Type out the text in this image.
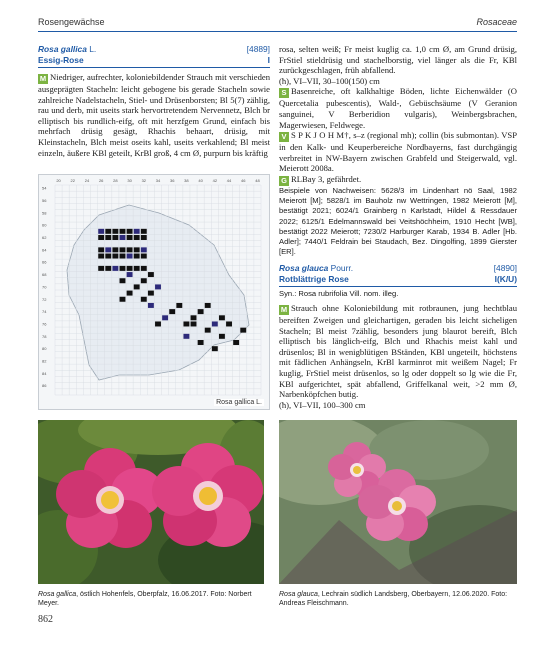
Rosengewächse	Rosaceae
Rosa gallica L.	[4889]
Essig-Rose	I

M Niedriger, aufrechter, koloniebildender Strauch mit verschieden ausgeprägten Stacheln: leicht gebogene bis gerade Stacheln sowie zahlreiche Nadelstacheln, Stiel- und Drüsenborsten; Bl 5(7) zählig, rau und derb, mit useits stark hervortretendem Nervennetz, Blch br elliptisch bis rundlich-eifg, oft mit herzfgem Grund, einfach bis mehrfach drüsig gesägt, Rhachis behaart, drüsig, mit Kleinstacheln, Blch meist oseits kahl, useits verkahlend; Bl meist einzeln, äußere KBl geteilt, KrBl groß, 4 cm Ø, purpurn bis kräftig

20 22 24 26 28 30 32 34 36 38 40 42 44 46 48
54
56
58
60
62
64
66
68
70
72
74
76
78
80
82
84
86
Rosa gallica L.

rosa, selten weiß; Fr meist kuglig ca. 1,0 cm Ø, am Grund drüsig, FrStiel stieldrüsig und stachelborstig, viel länger als die Fr, KBl zurückgeschlagen, früh abfallend.

(ħ), VI–VII, 30–100(150) cm

S Basenreiche, oft kalkhaltige Böden, lichte Eichenwälder (O Quercetalia pubescentis), Wald-, Gebüschsäume (V Geranion sanguinei, V Berberidion vulgaris), Weinbergsbrachen, Magerwiesen, Feldwege.

V S P K J O H M†, s–z (regional mh); collin (bis submontan). VSP in den Kalk- und Keuperbereiche Nordbayerns, fast durchgängig verbreitet in NW-Bayern zwischen Grabfeld und Steigerwald, vgl. Meierott 2008a.

G RLBay 3, gefährdet.

Beispiele von Nachweisen: 5628/3 im Lindenhart nö Saal, 1982 Meierott [M]; 5828/1 im Bauholz nw Wettringen, 1982 Meierott [M], bestätigt 2021; 6024/1 Grainberg n Karlstadt, Hildel & Ressdauer 2022; 6125/1 Edelmannswald bei Veitshöchheim, 1910 Hecht [WB], bestätigt 2022 Meierott; 7230/2 Harburger Karab, 1934 B. Adler [Hb. Adler]; 7440/1 Feldrain bei Staudach, Bez. Dingolfing, 1899 Gierster [ER].

Rosa glauca Pourr.	[4890]
Rotblättrige Rose	I(K/U)

Syn.: Rosa rubrifolia Vill. nom. illeg.

M Strauch ohne Koloniebildung mit rotbraunen, jung hechtblau bereiften Zweigen und gleichartigen, geraden bis leicht sicheligen Stacheln; Bl meist 7zählig, besonders jung blaurot bereift, Blch elliptisch bis länglich-eifg, Blch und Rhachis meist kahl und drüsenlos; Bl in wenigblütigen BStänden, KBl ungeteilt, höchstens mit fädlichen Anhängseln, KrBl karminrot mit weißem Nagel; Fr kuglig, FrStiel meist drüsenlos, so lg oder doppelt so lg wie die Fr, KBl aufgerichtet, spät abfallend, Griffelkanal weit, >2 mm Ø, Narbenköpfchen butig.

(ħ), VI–VII, 100–300 cm

Rosa gallica, östlich Hohenfels, Oberpfalz, 16.06.2017. Foto: Norbert Meyer.
Rosa glauca, Lechrain südlich Landsberg, Oberbayern, 12.06.2020. Foto: Andreas Fleischmann.
862
